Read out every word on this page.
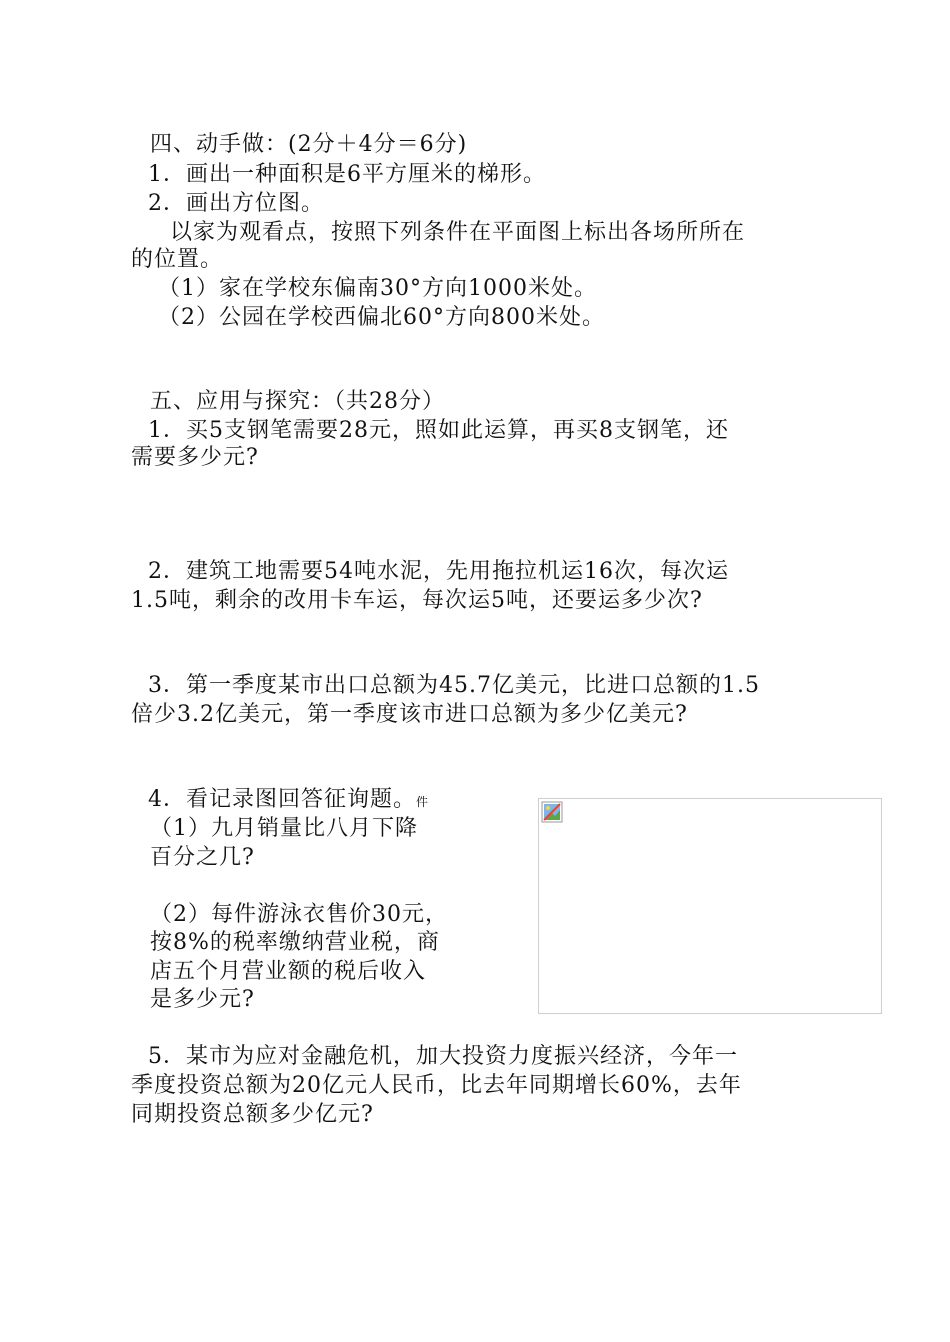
四、动手做：(2分＋4分＝6分)
1．画出一种面积是6平方厘米的梯形。
2．画出方位图。
以家为观看点，按照下列条件在平面图上标出各场所所在
的位置。
（1）家在学校东偏南30°方向1000米处。
（2）公园在学校西偏北60°方向800米处。
五、应用与探究：（共28分）
1．买5支钢笔需要28元，照如此运算，再买8支钢笔，还
需要多少元?
2．建筑工地需要54吨水泥，先用拖拉机运16次，每次运
1.5吨，剩余的改用卡车运，每次运5吨，还要运多少次?
3．第一季度某市出口总额为45.7亿美元，比进口总额的1.5
倍少3.2亿美元，第一季度该市进口总额为多少亿美元?
4．看记录图回答征询题。件
（1）九月销量比八月下降
百分之几?
（2）每件游泳衣售价30元，
按8%的税率缴纳营业税，商
店五个月营业额的税后收入
是多少元?
5．某市为应对金融危机，加大投资力度振兴经济，今年一
季度投资总额为20亿元人民币，比去年同期增长60%，去年
同期投资总额多少亿元?
